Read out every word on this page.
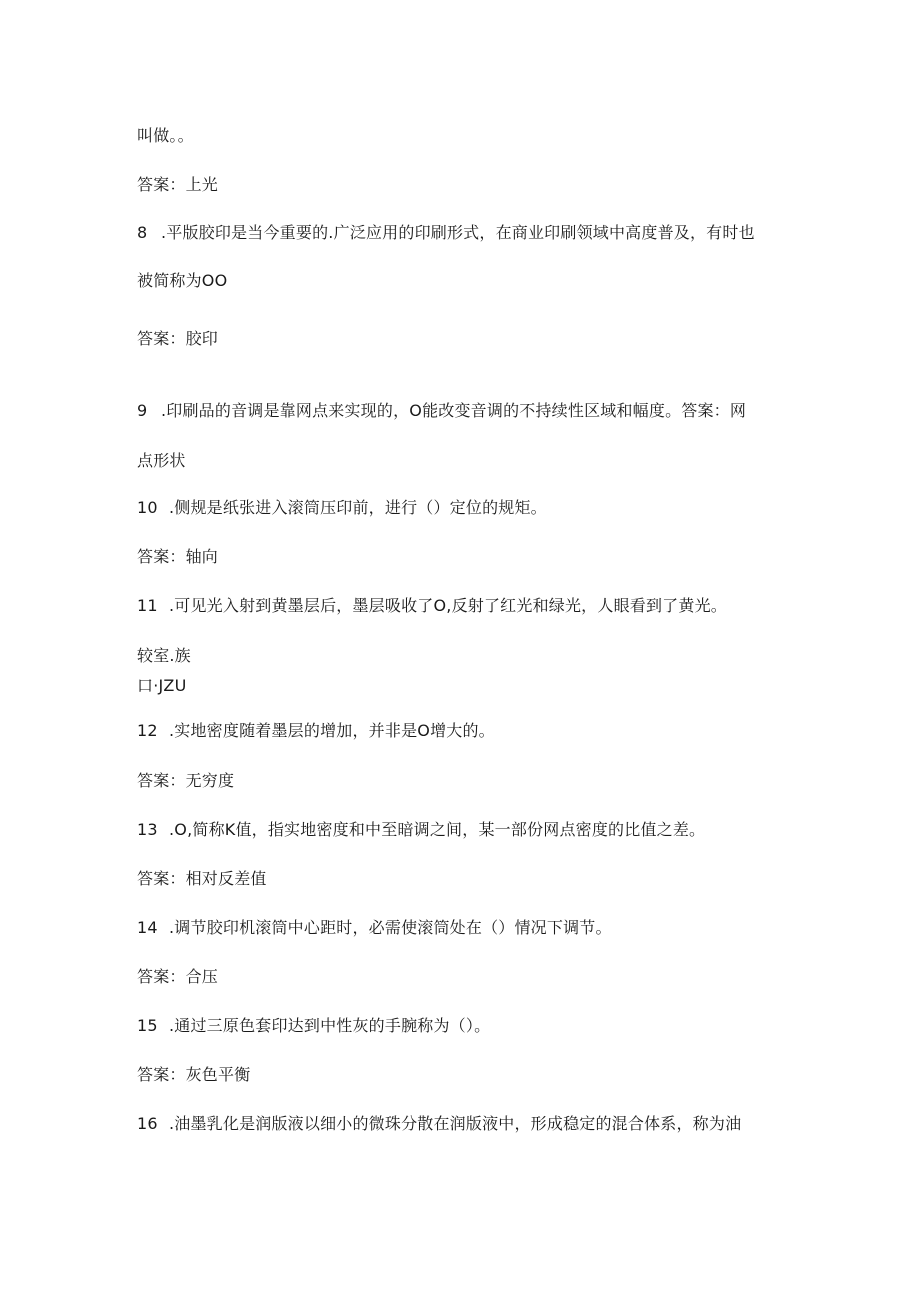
叫做。。
答案：上光
8 .平版胶印是当今重要的.广泛应用的印刷形式，在商业印刷领域中高度普及，有时也
被简称为OO
答案：胶印
9 .印刷品的音调是靠网点来实现的，O能改变音调的不持续性区域和幅度。答案：网
点形状
10 .侧规是纸张进入滚筒压印前，进行（）定位的规矩。
答案：轴向
11 .可见光入射到黄墨层后，墨层吸收了O,反射了红光和绿光，人眼看到了黄光。
较室.族
口·JZU
12 .实地密度随着墨层的增加，并非是O增大的。
答案：无穷度
13 .O,简称K值，指实地密度和中至暗调之间，某一部份网点密度的比值之差。
答案：相对反差值
14 .调节胶印机滚筒中心距时，必需使滚筒处在（）情况下调节。
答案：合压
15 .通过三原色套印达到中性灰的手腕称为（）。
答案：灰色平衡
16 .油墨乳化是润版液以细小的微珠分散在润版液中，形成稳定的混合体系，称为油
